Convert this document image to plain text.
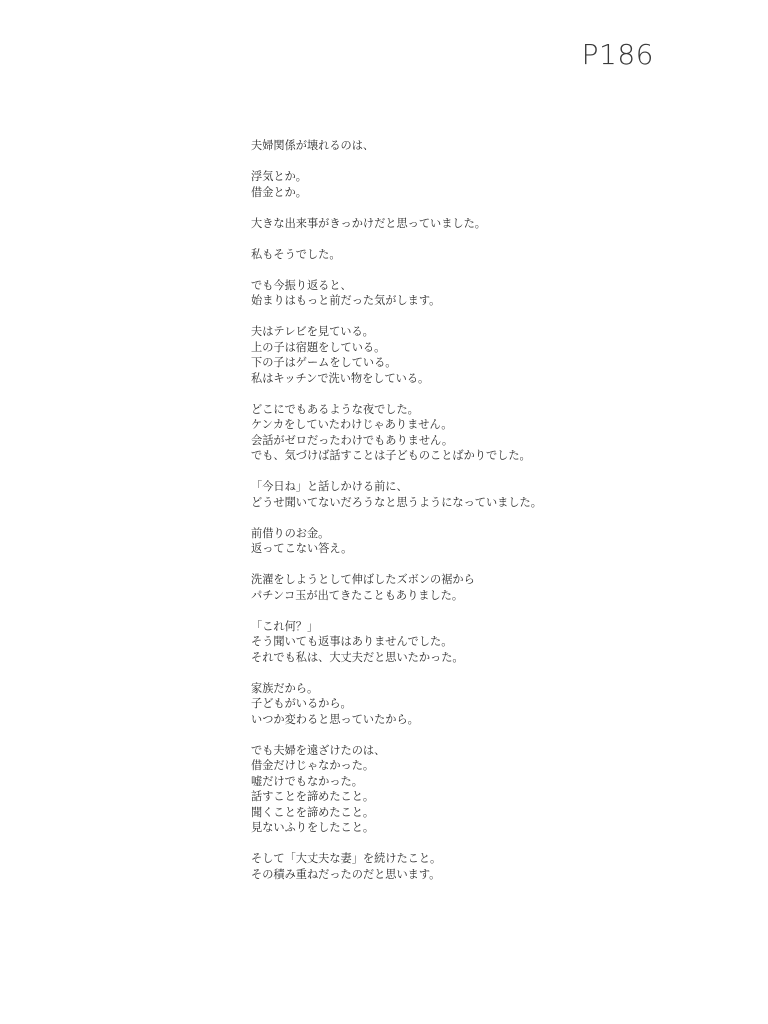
P186

夫婦関係が壊れるのは、

浮気とか。
借金とか。

大きな出来事がきっかけだと思っていました。

私もそうでした。

でも今振り返ると、
始まりはもっと前だった気がします。

夫はテレビを見ている。
上の子は宿題をしている。
下の子はゲームをしている。
私はキッチンで洗い物をしている。

どこにでもあるような夜でした。
ケンカをしていたわけじゃありません。
会話がゼロだったわけでもありません。
でも、気づけば話すことは子どものことばかりでした。

「今日ね」と話しかける前に、
どうせ聞いてないだろうなと思うようになっていました。

前借りのお金。
返ってこない答え。

洗濯をしようとして伸ばしたズボンの裾から
パチンコ玉が出てきたこともありました。

「これ何？」
そう聞いても返事はありませんでした。
それでも私は、大丈夫だと思いたかった。

家族だから。
子どもがいるから。
いつか変わると思っていたから。

でも夫婦を遠ざけたのは、
借金だけじゃなかった。
嘘だけでもなかった。
話すことを諦めたこと。
聞くことを諦めたこと。
見ないふりをしたこと。

そして「大丈夫な妻」を続けたこと。
その積み重ねだったのだと思います。
